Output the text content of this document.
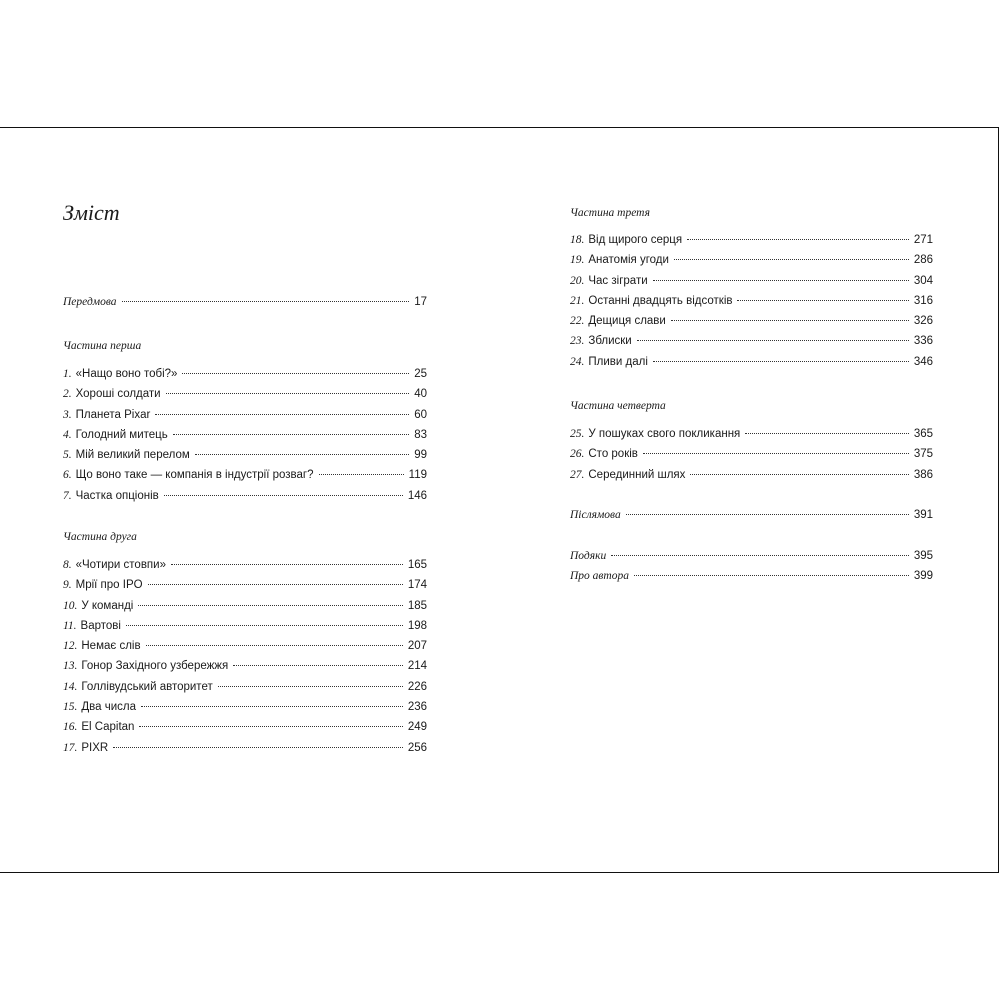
Зміст
Передмова	17
Частина перша
1. «Нащо воно тобі?»	25
2. Хороші солдати	40
3. Планета Pixar	60
4. Голодний митець	83
5. Мій великий перелом	99
6. Що воно таке — компанія в індустрії розваг?	119
7. Частка опціонів	146
Частина друга
8. «Чотири стовпи»	165
9. Мрії про IPO	174
10. У команді	185
11. Вартові	198
12. Немає слів	207
13. Гонор Західного узбережжя	214
14. Голлівудський авторитет	226
15. Два числа	236
16. El Capitan	249
17. PIXR	256
Частина третя
18. Від щирого серця	271
19. Анатомія угоди	286
20. Час зіграти	304
21. Останні двадцять відсотків	316
22. Дещиця слави	326
23. Зблиски	336
24. Пливи далі	346
Частина четверта
25. У пошуках свого покликання	365
26. Сто років	375
27. Серединний шлях	386
Післямова	391
Подяки	395
Про автора	399
